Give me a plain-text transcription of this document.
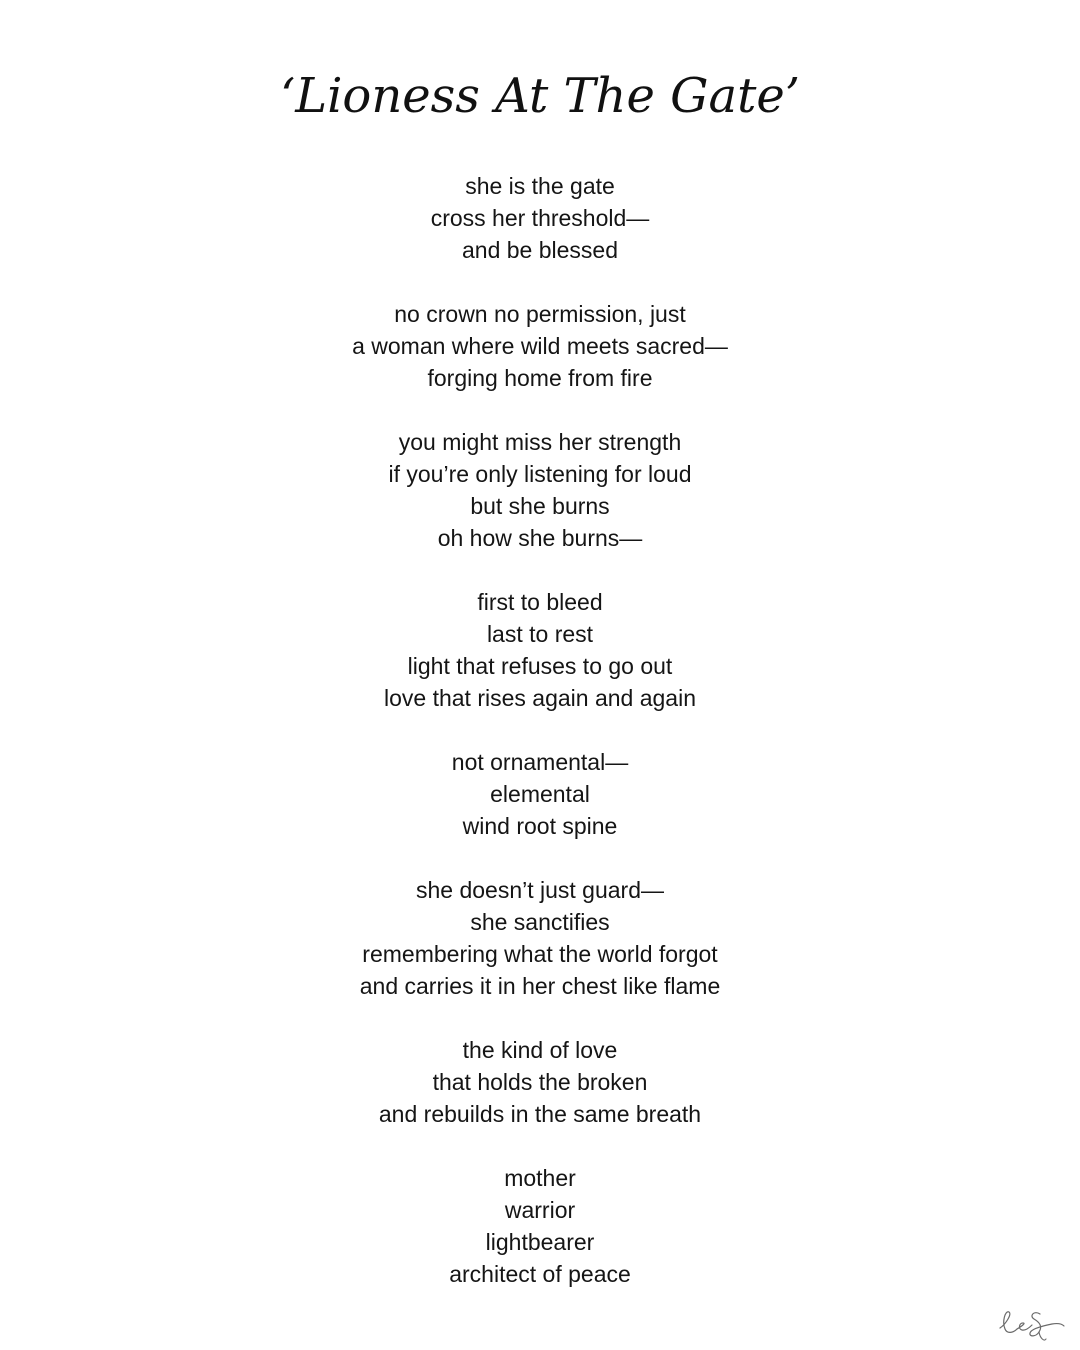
‘Lioness At The Gate’
she is the gate
cross her threshold—
and be blessed
no crown no permission, just
a woman where wild meets sacred—
forging home from fire
you might miss her strength
if you’re only listening for loud
but she burns
oh how she burns—
first to bleed
last to rest
light that refuses to go out
love that rises again and again
not ornamental—
elemental
wind root spine
she doesn’t just guard—
she sanctifies
remembering what the world forgot
and carries it in her chest like flame
the kind of love
that holds the broken
and rebuilds in the same breath
mother
warrior
lightbearer
architect of peace
